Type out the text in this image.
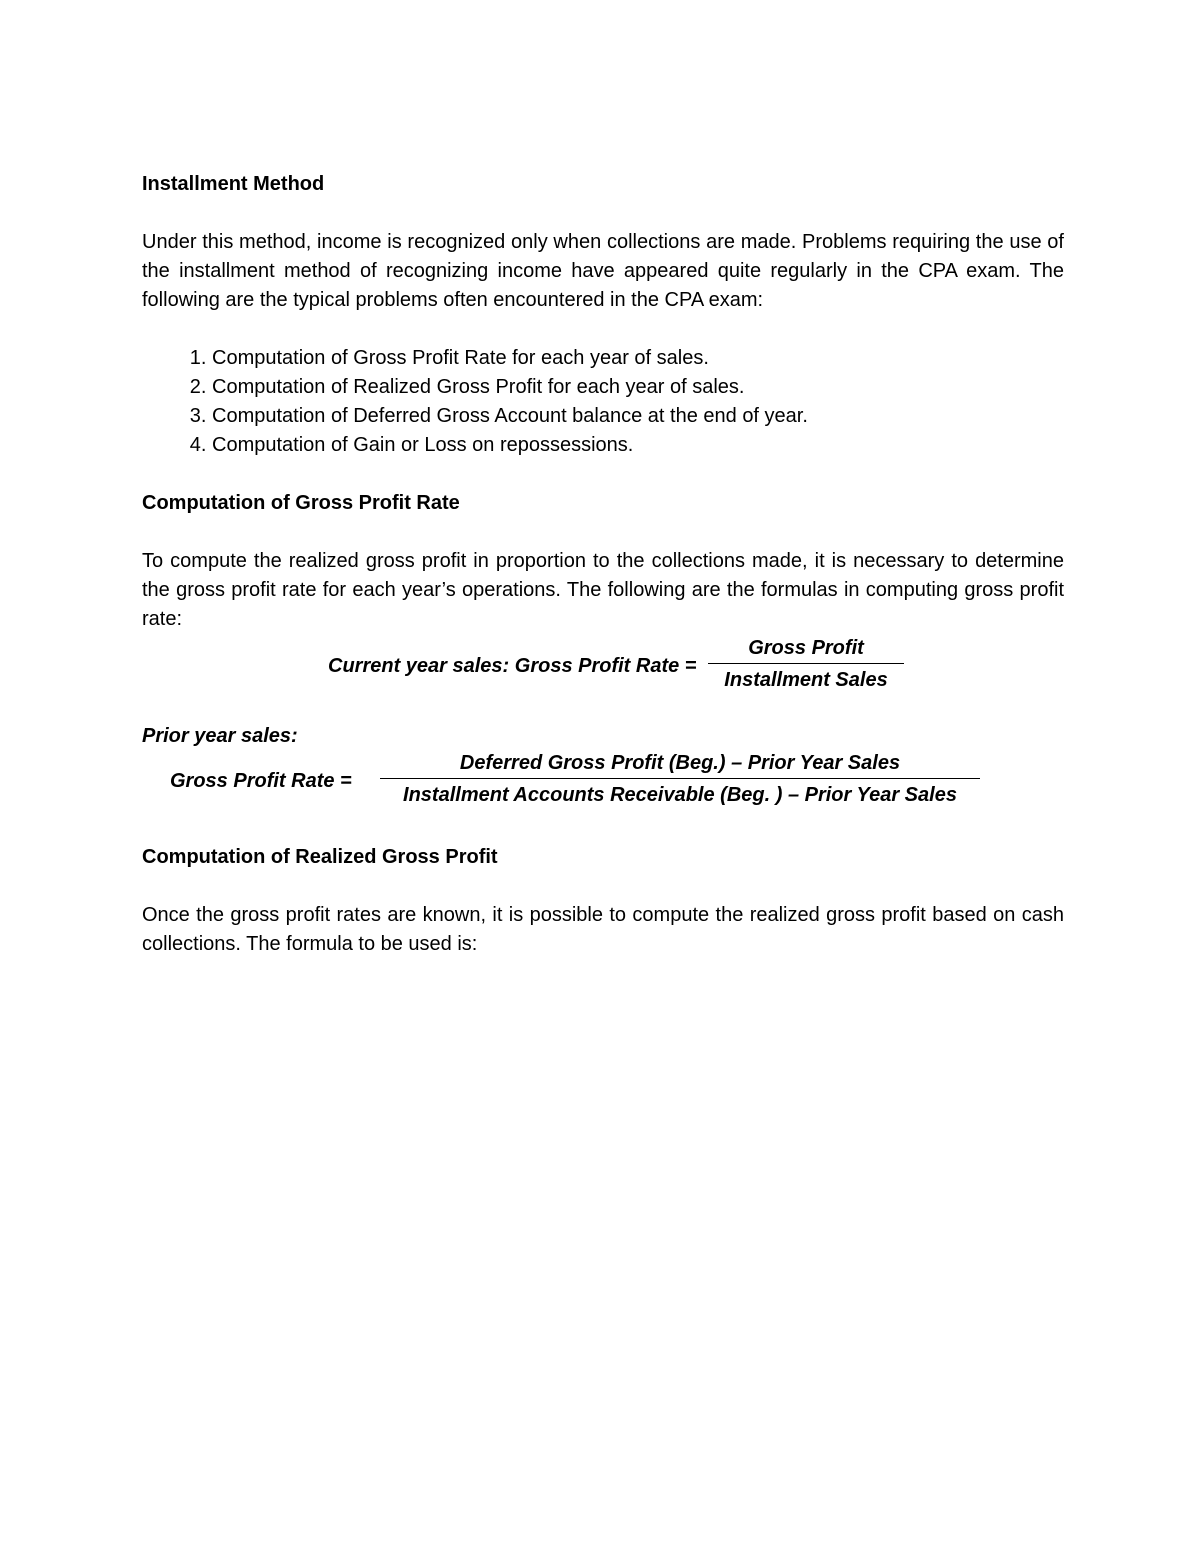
Installment Method

Under this method, income is recognized only when collections are made. Problems requiring the use of the installment method of recognizing income have appeared quite regularly in the CPA exam. The following are the typical problems often encountered in the CPA exam:

1. Computation of Gross Profit Rate for each year of sales.
2. Computation of Realized Gross Profit for each year of sales.
3. Computation of Deferred Gross Account balance at the end of year.
4. Computation of Gain or Loss on repossessions.

Computation of Gross Profit Rate

To compute the realized gross profit in proportion to the collections made, it is necessary to determine the gross profit rate for each year’s operations. The following are the formulas in computing gross profit rate:

Current year sales: Gross Profit Rate =
Gross Profit
Installment Sales

Prior year sales:

Gross Profit Rate =
Deferred Gross Profit (Beg.) – Prior Year Sales
Installment Accounts Receivable (Beg. ) – Prior Year Sales

Computation of Realized Gross Profit

Once the gross profit rates are known, it is possible to compute the realized gross profit based on cash collections. The formula to be used is:
